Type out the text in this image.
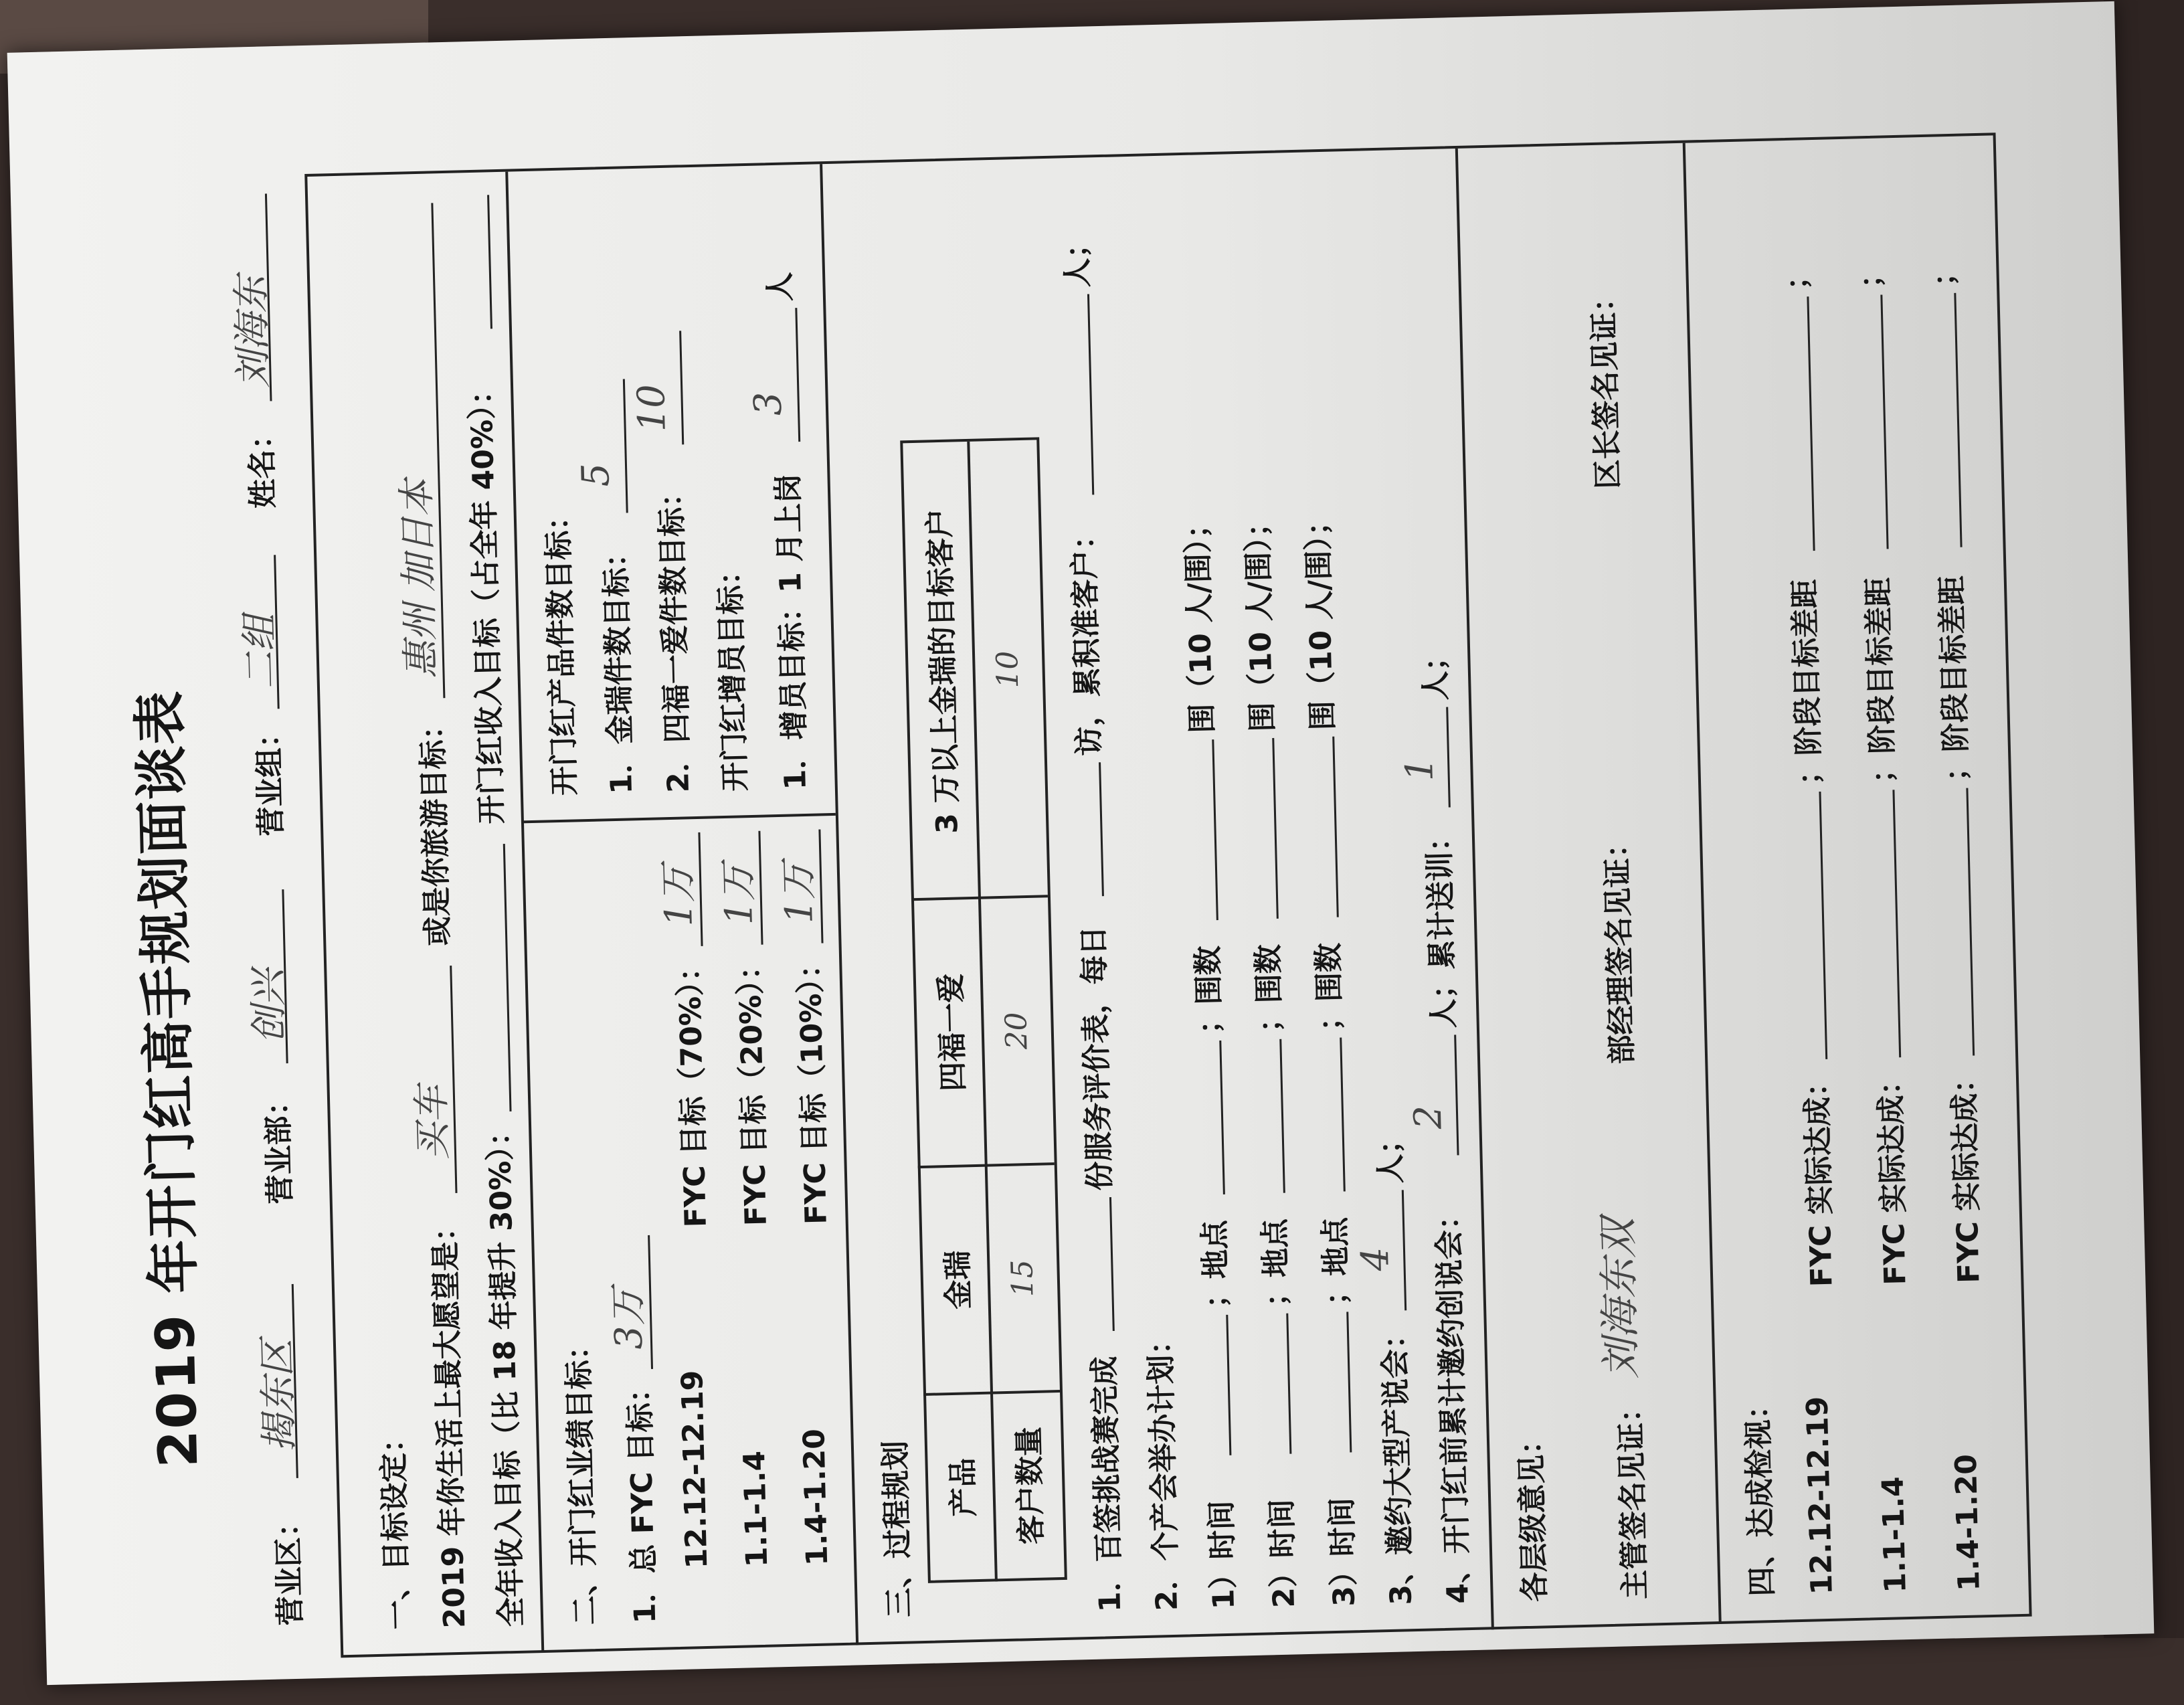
2019 年开门红高手规划面谈表
营业区：
揭东区
营业部：
创兴
营业组：
二组
姓名：
刘海东
一、目标设定： 2019 年你生活上最大愿望是：
买车
或是你旅游目标：
惠州 加日本
全年收入目标（比 18 年提升 30%）：
开门红收入目标（占全年 40%）：
二、开门红业绩目标： 1．总 FYC 目标：
3万
12.12-12.19
FYC 目标（70%）：
1万
1.1-1.4
FYC 目标（20%）：
1万
1.4-1.20
FYC 目标（10%）：
1万
开门红产品件数目标： 1．金瑞件数目标：
5
2．四福一爱件数目标：
10
开门红增员目标： 1．增员目标：1 月上岗
3
人
三、过程规划 产品
金瑞
四福一爱
3 万以上金瑞的目标客户
客户数量
15
20
10
1．百签挑战赛完成
份服务评价表，每日
访，累积准客户：
人；
2．个产会举办计划： 1）时间
；地点
；围数
围（10 人/围）；
2）时间
；地点
；围数
围（10 人/围）；
3）时间
；地点
；围数
围（10 人/围）；
3、邀约大型产说会：
4
人；
4、开门红前累计邀约创说会：
2
人；累计送训：
1
人；
各层级意见： 主管签名见证：
刘海东双
部经理签名见证：
区长签名见证：
四、达成检视： 12.12-12.19
FYC 实际达成：
；阶段目标差距
；
1.1-1.4
FYC 实际达成：
；阶段目标差距
；
1.4-1.20
FYC 实际达成：
；阶段目标差距
；
